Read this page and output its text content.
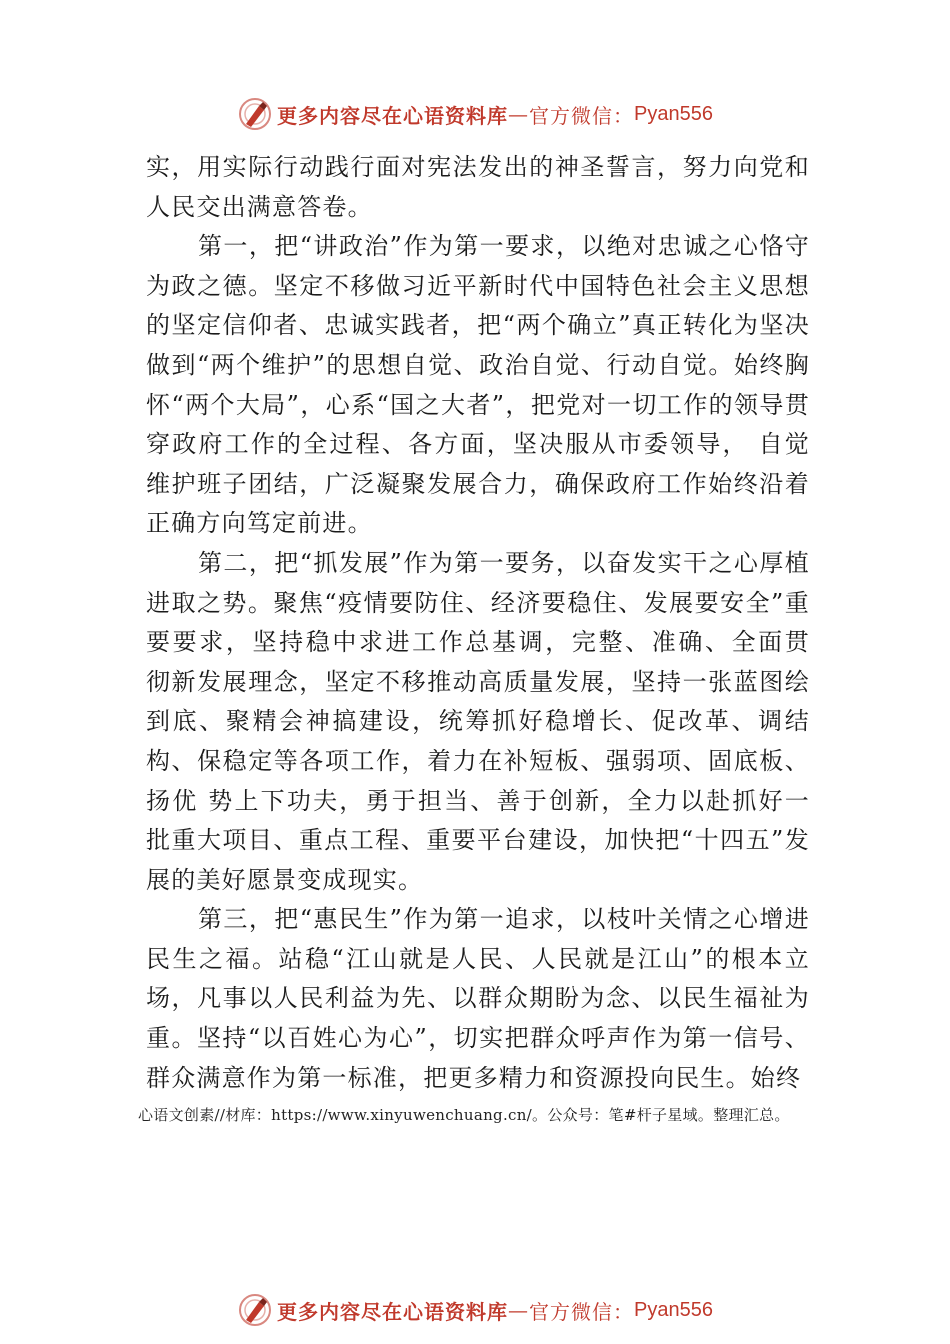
更多内容尽在心语资料库 — 官方微信： Pyan556

实，用实际行动践行面对宪法发出的神圣誓言，努力向党和人民交出满意答卷。

第一，把“讲政治”作为第一要求，以绝对忠诚之心恪守为政之德。坚定不移做习近平新时代中国特色社会主义思想的坚定信仰者、忠诚实践者，把“两个确立”真正转化为坚决做到“两个维护”的思想自觉、政治自觉、行动自觉。始终胸怀“两个大局”，心系“国之大者”，把党对一切工作的领导贯穿政府工作的全过程、各方面，坚决服从市委领导， 自觉维护班子团结，广泛凝聚发展合力，确保政府工作始终沿着正确方向笃定前进。

第二，把“抓发展”作为第一要务，以奋发实干之心厚植进取之势。聚焦“疫情要防住、经济要稳住、发展要安全”重要要求，坚持稳中求进工作总基调，完整、准确、全面贯 彻新发展理念，坚定不移推动高质量发展，坚持一张蓝图绘到底、聚精会神搞建设，统筹抓好稳增长、促改革、调结构、保稳定等各项工作，着力在补短板、强弱项、固底板、扬优 势上下功夫，勇于担当、善于创新，全力以赴抓好一批重大项目、重点工程、重要平台建设，加快把“十四五”发展的美好愿景变成现实。

第三，把“惠民生”作为第一追求，以枝叶关情之心增进民生之福。站稳“江山就是人民、人民就是江山”的根本立场，凡事以人民利益为先、以群众期盼为念、以民生福祉为重。坚持“以百姓心为心”，切实把群众呼声作为第一信号、群众满意作为第一标准，把更多精力和资源投向民生。始终

心语文创素//材库：https://www.xinyuwenchuang.cn/。公众号：笔#杆子星域。整理汇总。
更多内容尽在心语资料库 — 官方微信： Pyan556
